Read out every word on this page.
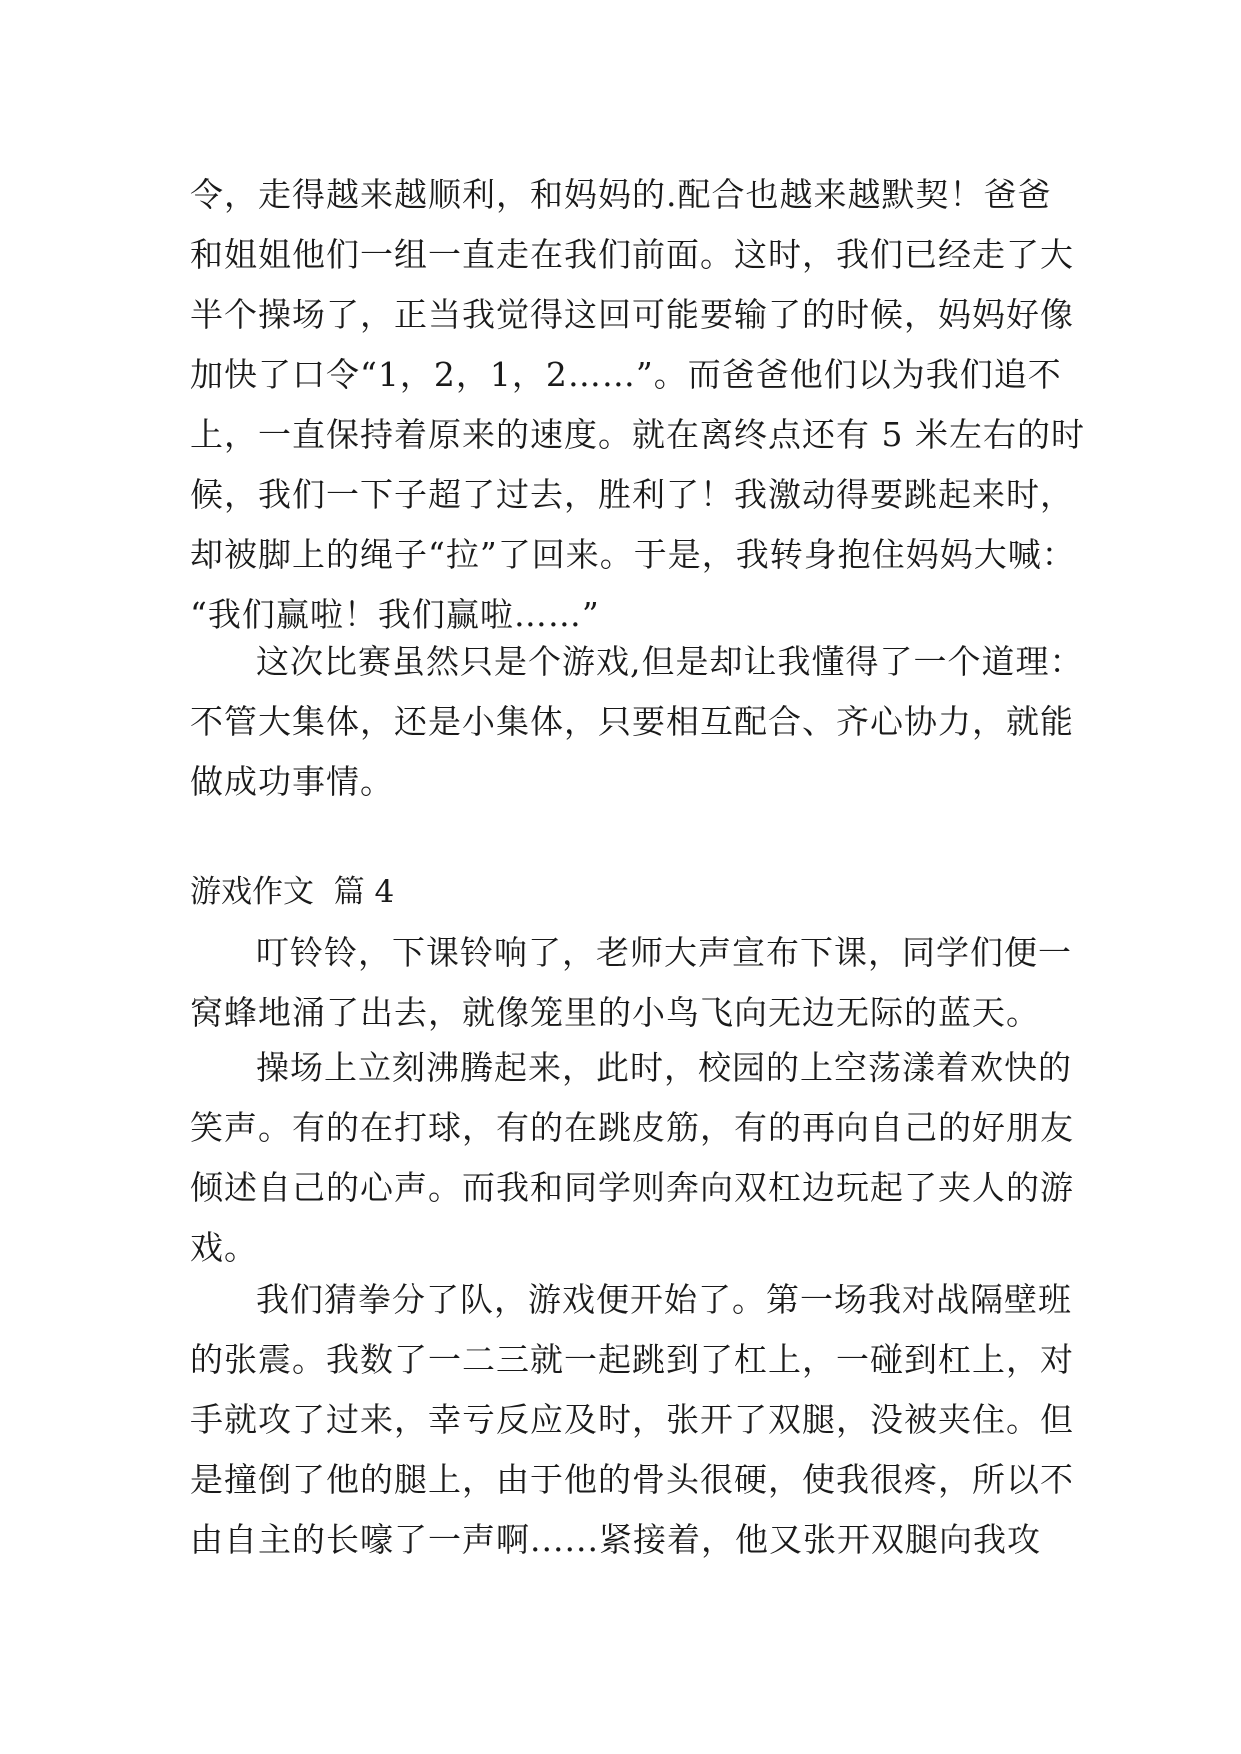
令，走得越来越顺利，和妈妈的.配合也越来越默契！爸爸
和姐姐他们一组一直走在我们前面。这时，我们已经走了大
半个操场了，正当我觉得这回可能要输了的时候，妈妈好像
加快了口令“1，2，1，2……”。而爸爸他们以为我们追不
上，一直保持着原来的速度。就在离终点还有 5 米左右的时
候，我们一下子超了过去，胜利了！我激动得要跳起来时，
却被脚上的绳子“拉”了回来。于是，我转身抱住妈妈大喊：
“我们赢啦！我们赢啦……”
这次比赛虽然只是个游戏,但是却让我懂得了一个道理：
不管大集体，还是小集体，只要相互配合、齐心协力，就能
做成功事情。
游戏作文  篇 4
叮铃铃，下课铃响了，老师大声宣布下课，同学们便一
窝蜂地涌了出去，就像笼里的小鸟飞向无边无际的蓝天。
操场上立刻沸腾起来，此时，校园的上空荡漾着欢快的
笑声。有的在打球，有的在跳皮筋，有的再向自己的好朋友
倾述自己的心声。而我和同学则奔向双杠边玩起了夹人的游
戏。
我们猜拳分了队，游戏便开始了。第一场我对战隔壁班
的张震。我数了一二三就一起跳到了杠上，一碰到杠上，对
手就攻了过来，幸亏反应及时，张开了双腿，没被夹住。但
是撞倒了他的腿上，由于他的骨头很硬，使我很疼，所以不
由自主的长嚎了一声啊......紧接着，他又张开双腿向我攻
